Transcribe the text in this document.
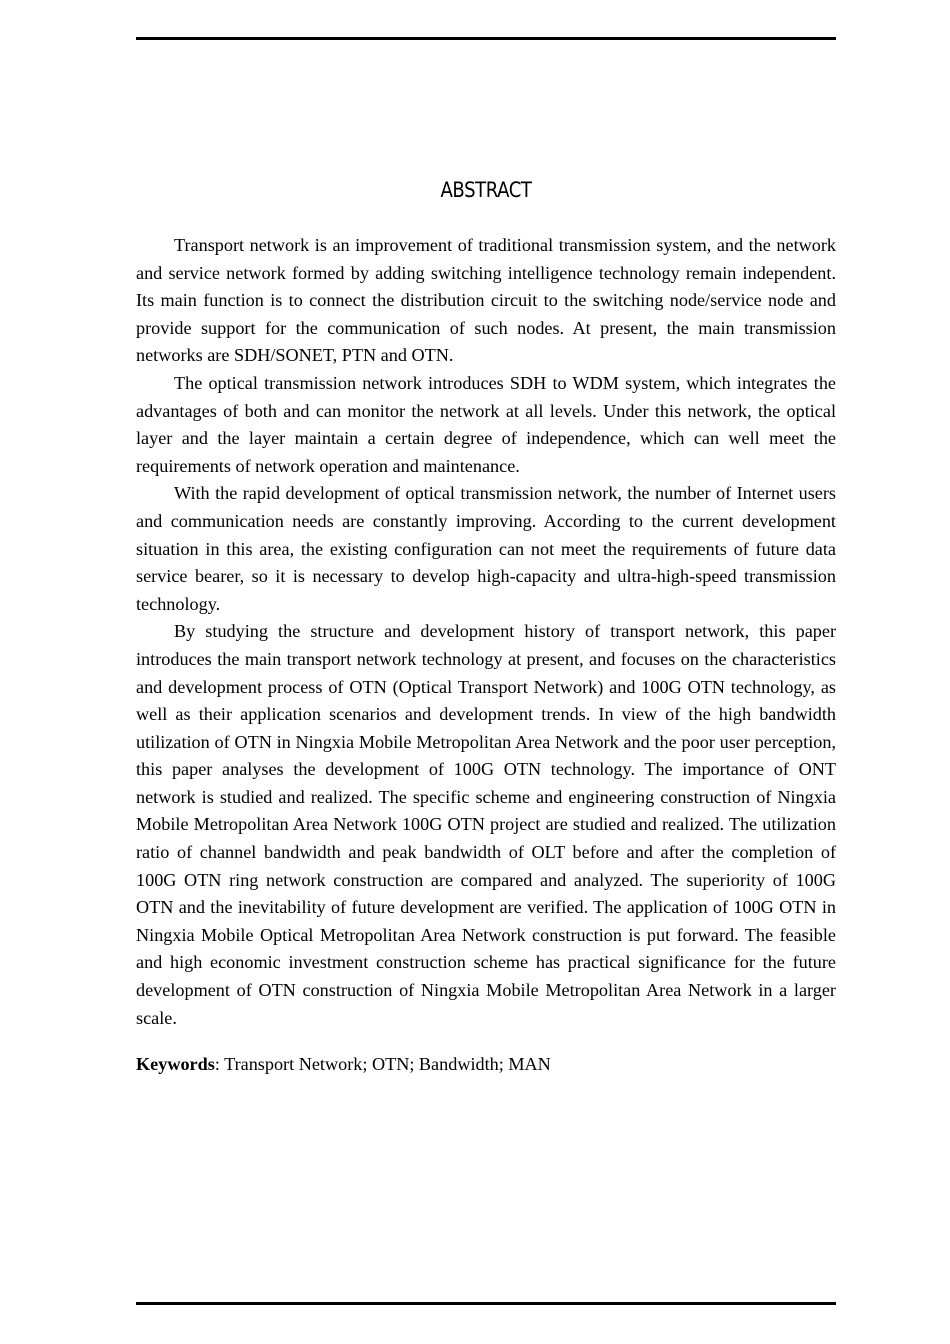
ABSTRACT

Transport network is an improvement of traditional transmission system, and the network and service network formed by adding switching intelligence technology remain independent. Its main function is to connect the distribution circuit to the switching node/service node and provide support for the communication of such nodes. At present, the main transmission networks are SDH/SONET, PTN and OTN.

The optical transmission network introduces SDH to WDM system, which integrates the advantages of both and can monitor the network at all levels. Under this network, the optical layer and the layer maintain a certain degree of independence, which can well meet the requirements of network operation and maintenance.

With the rapid development of optical transmission network, the number of Internet users and communication needs are constantly improving. According to the current development situation in this area, the existing configuration can not meet the requirements of future data service bearer, so it is necessary to develop high-capacity and ultra-high-speed transmission technology.

By studying the structure and development history of transport network, this paper introduces the main transport network technology at present, and focuses on the characteristics and development process of OTN (Optical Transport Network) and 100G OTN technology, as well as their application scenarios and development trends. In view of the high bandwidth utilization of OTN in Ningxia Mobile Metropolitan Area Network and the poor user perception, this paper analyses the development of 100G OTN technology. The importance of ONT network is studied and realized. The specific scheme and engineering construction of Ningxia Mobile Metropolitan Area Network 100G OTN project are studied and realized. The utilization ratio of channel bandwidth and peak bandwidth of OLT before and after the completion of 100G OTN ring network construction are compared and analyzed. The superiority of 100G OTN and the inevitability of future development are verified. The application of 100G OTN in Ningxia Mobile Optical Metropolitan Area Network construction is put forward. The feasible and high economic investment construction scheme has practical significance for the future development of OTN construction of Ningxia Mobile Metropolitan Area Network in a larger scale.

Keywords: Transport Network; OTN; Bandwidth; MAN
